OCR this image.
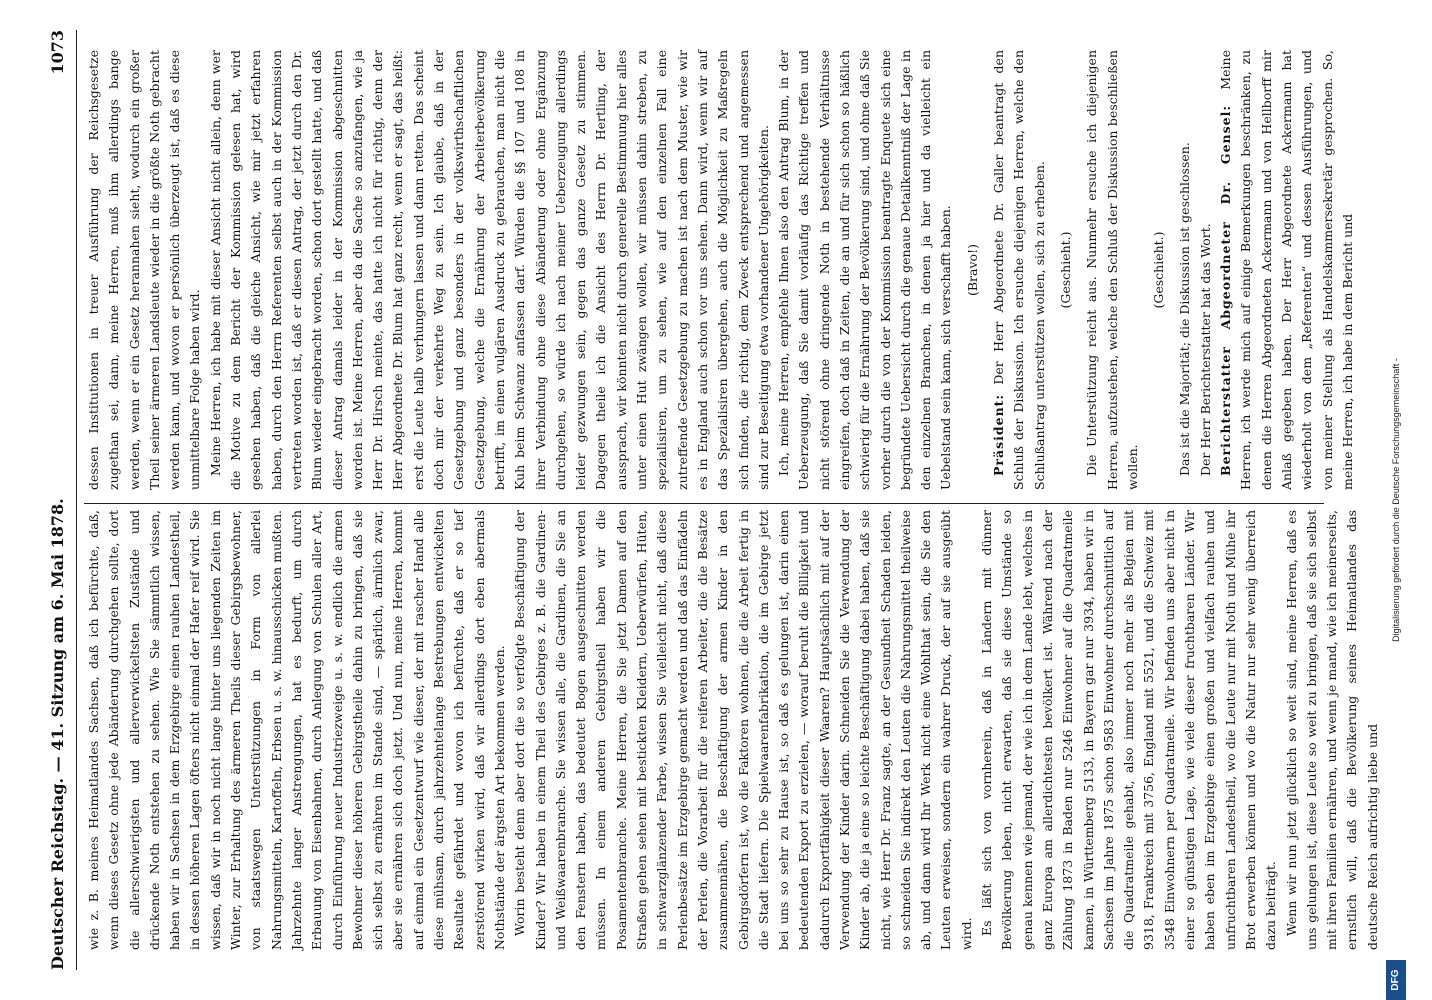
Deutscher Reichstag. — 41. Sitzung am 6. Mai 1878.
1073

wie z. B. meines Heimatlandes Sachsen, daß ich befürchte, daß, wenn dieses Gesetz ohne jede Abänderung durchgehen sollte, dort die allerschwierigsten und allerverwickeltsten Zustände und drückende Noth entstehen zu sehen. Wie Sie sämmtlich wissen, haben wir in Sachsen in dem Erzgebirge einen rauhen Landestheil, in dessen höheren Lagen öfters nicht einmal der Hafer reif wird. Sie wissen, daß wir in noch nicht lange hinter uns liegenden Zeiten im Winter, zur Erhaltung des ärmeren Theils dieser Gebirgsbewohner, von staatswegen Unterstützungen in Form von allerlei Nahrungsmitteln, Kartoffeln, Erbsen u. s. w. hinausschicken mußten. Jahrzehnte langer Anstrengungen, hat es bedurft, um durch Erbauung von Eisenbahnen, durch Anlegung von Schulen aller Art, durch Einführung neuer Industriezweige u. s. w. endlich die armen Bewohner dieser höheren Gebirgstheile dahin zu bringen, daß sie sich selbst zu ernähren im Stande sind, — spärlich, ärmlich zwar, aber sie ernähren sich doch jetzt. Und nun, meine Herren, kommt auf einmal ein Gesetzentwurf wie dieser, der mit rascher Hand alle diese mühsam, durch jahrzehntelange Bestrebungen entwickelten Resultate gefährdet und wovon ich befürchte, daß er so tief zerstörend wirken wird, daß wir allerdings dort eben abermals Nothstände der ärgsten Art bekommen werden. Worin besteht denn aber dort die so verfolgte Beschäftigung der Kinder? Wir haben in einem Theil des Gebirges z. B. die Gardinen- und Weißwaarenbranche. Sie wissen alle, die Gardinen, die Sie an den Fenstern haben, das bedeutet Bogen ausgeschnitten werden müssen. In einem anderen Gebirgstheil haben wir die Posamentenbranche. Meine Herren, die Sie jetzt Damen auf den Straßen gehen sehen mit bestickten Kleidern, Ueberwürfen, Hüten, in schwarzglänzender Farbe, wissen Sie vielleicht nicht, daß diese Perlenbesätze im Erzgebirge gemacht werden und daß das Einfädeln der Perlen, die Vorarbeit für die reiferen Arbeiter, die die Besätze zusammennähen, die Beschäftigung der armen Kinder in den Gebirgsdörfern ist, wo die Faktoren wohnen, die die Arbeit fertig in die Stadt liefern. Die Spielwaarenfabrikation, die im Gebirge jetzt bei uns so sehr zu Hause ist, so daß es gelungen ist, darin einen bedeutenden Export zu erzielen, — worauf beruht die Billigkeit und dadurch Exportfähigkeit dieser Waaren? Hauptsächlich mit auf der Verwendung der Kinder darin. Schneiden Sie die Verwendung der Kinder ab, die ja eine so leichte Beschäftigung dabei haben, daß sie nicht, wie Herr Dr. Franz sagte, an der Gesundheit Schaden leiden, so schneiden Sie indirekt den Leuten die Nahrungsmittel theilweise ab, und dann wird Ihr Werk nicht eine Wohlthat sein, die Sie den Leuten erweisen, sondern ein wahrer Druck, der auf sie ausgeübt wird. Es läßt sich von vornherein, daß in Ländern mit dünner Bevölkerung leben, nicht erwarten, daß sie diese Umstände so genau kennen wie jemand, der wie ich in dem Lande lebt, welches in ganz Europa am allerdichtesten bevölkert ist. Während nach der Zählung 1873 in Baden nur 5246 Einwohner auf die Quadratmeile kamen, in Württemberg 5133, in Bayern gar nur 3934, haben wir in Sachsen im Jahre 1875 schon 9583 Einwohner durchschnittlich auf die Quadratmeile gehabt, also immer noch mehr als Belgien mit 9318, Frankreich mit 3756, England mit 5521, und die Schweiz mit 3548 Einwohnern per Quadratmeile. Wir befinden uns aber nicht in einer so günstigen Lage, wie viele dieser fruchtbaren Länder. Wir haben eben im Erzgebirge einen großen und vielfach rauhen und unfruchtbaren Landestheil, wo die Leute nur mit Noth und Mühe ihr Brot erwerben können und wo die Natur nur sehr wenig überreich dazu beiträgt. Wenn wir nun jetzt glücklich so weit sind, meine Herren, daß es uns gelungen ist, diese Leute so weit zu bringen, daß sie sich selbst mit ihren Familien ernähren, und wenn je mand, wie ich meinerseits, ernstlich will, daß die Bevölkerung seines Heimatlandes das deutsche Reich aufrichtig liebe und

dessen Institutionen in treuer Ausführung der Reichsgesetze zugethan sei, dann, meine Herren, muß ihm allerdings bange werden, wenn er ein Gesetz herannahen sieht, wodurch ein großer Theil seiner ärmeren Landsleute wieder in die größte Noth gebracht werden kann, und wovon er persönlich überzeugt ist, daß es diese unmittelbare Folge haben wird. Meine Herren, ich habe mit dieser Ansicht nicht allein, denn wer die Motive zu dem Bericht der Kommission gelesen hat, wird gesehen haben, daß die gleiche Ansicht, wie mir jetzt erfahren haben, durch den Herrn Referenten selbst auch in der Kommission vertreten worden ist, daß er diesen Antrag, der jetzt durch den Dr. Blum wieder eingebracht worden, schon dort gestellt hatte, und daß dieser Antrag damals leider in der Kommission abgeschnitten worden ist. Meine Herren, aber da die Sache so anzufangen, wie ja Herr Dr. Hirsch meinte, das hatte ich nicht für richtig, denn der Herr Abgeordnete Dr. Blum hat ganz recht, wenn er sagt, das heißt: erst die Leute halb verhungern lassen und dann retten. Das scheint doch mir der verkehrte Weg zu sein. Ich glaube, daß in der Gesetzgebung und ganz besonders in der volkswirthschaftlichen Gesetzgebung, welche die Ernährung der Arbeiterbevölkerung betrifft, im einen vulgären Ausdruck zu gebrauchen, man nicht die Kuh beim Schwanz anfassen darf. Würden die §§ 107 und 108 in ihrer Verbindung ohne diese Abänderung oder ohne Ergänzung durchgehen, so würde ich nach meiner Ueberzeugung allerdings leider gezwungen sein, gegen das ganze Gesetz zu stimmen. Dagegen theile ich die Ansicht des Herrn Dr. Hertling, der aussprach, wir könnten nicht durch generelle Bestimmung hier alles unter einen Hut zwängen wollen, wir müssen dahin streben, zu spezialisiren, um zu sehen, wie auf den einzelnen Fall eine zutreffende Gesetzgebung zu machen ist nach dem Muster, wie wir es in England auch schon vor uns sehen. Dann wird, wenn wir auf das Spezialisiren übergehen, auch die Möglichkeit zu Maßregeln sich finden, die richtig, dem Zweck entsprechend und angemessen sind zur Beseitigung etwa vorhandener Ungehörigkeiten. Ich, meine Herren, empfehle Ihnen also den Antrag Blum, in der Ueberzeugung, daß Sie damit vorläufig das Richtige treffen und nicht störend ohne dringende Noth in bestehende Verhältnisse eingreifen, doch daß in Zeiten, die an und für sich schon so häßlich schwierig für die Ernährung der Bevölkerung sind, und ohne daß Sie vorher durch die von der Kommission beantragte Enquete sich eine begründete Uebersicht durch die genaue Detailkenntniß der Lage in den einzelnen Branchen, in denen ja hier und da vielleicht ein Uebelstand sein kann, sich verschafft haben. (Bravo!)

Präsident: Der Herr Abgeordnete Dr. Galler beantragt den Schluß der Diskussion. Ich ersuche diejenigen Herren, welche den Schlußantrag unterstützen wollen, sich zu erheben. (Geschieht.) Die Unterstützung reicht aus. Nunmehr ersuche ich diejenigen Herren, aufzustehen, welche den Schluß der Diskussion beschließen wollen.

(Geschieht.) Das ist die Majorität; die Diskussion ist geschlossen. Der Herr Berichterstatter hat das Wort. Berichterstatter Abgeordneter Dr. Gensel: Meine Herren, ich werde mich auf einige Bemerkungen beschränken, zu denen die Herren Abgeordneten Ackermann und von Hellborff mir Anlaß gegeben haben. Der Herr Abgeordnete Ackermann hat wiederholt von dem „Referenten“ und dessen Ausführungen, und von meiner Stellung als Handelskammersekretär gesprochen. So, meine Herren, ich habe in dem Bericht und

Digitalisierung gefördert durch die Deutsche Forschungsgemeinschaft -
DFG
